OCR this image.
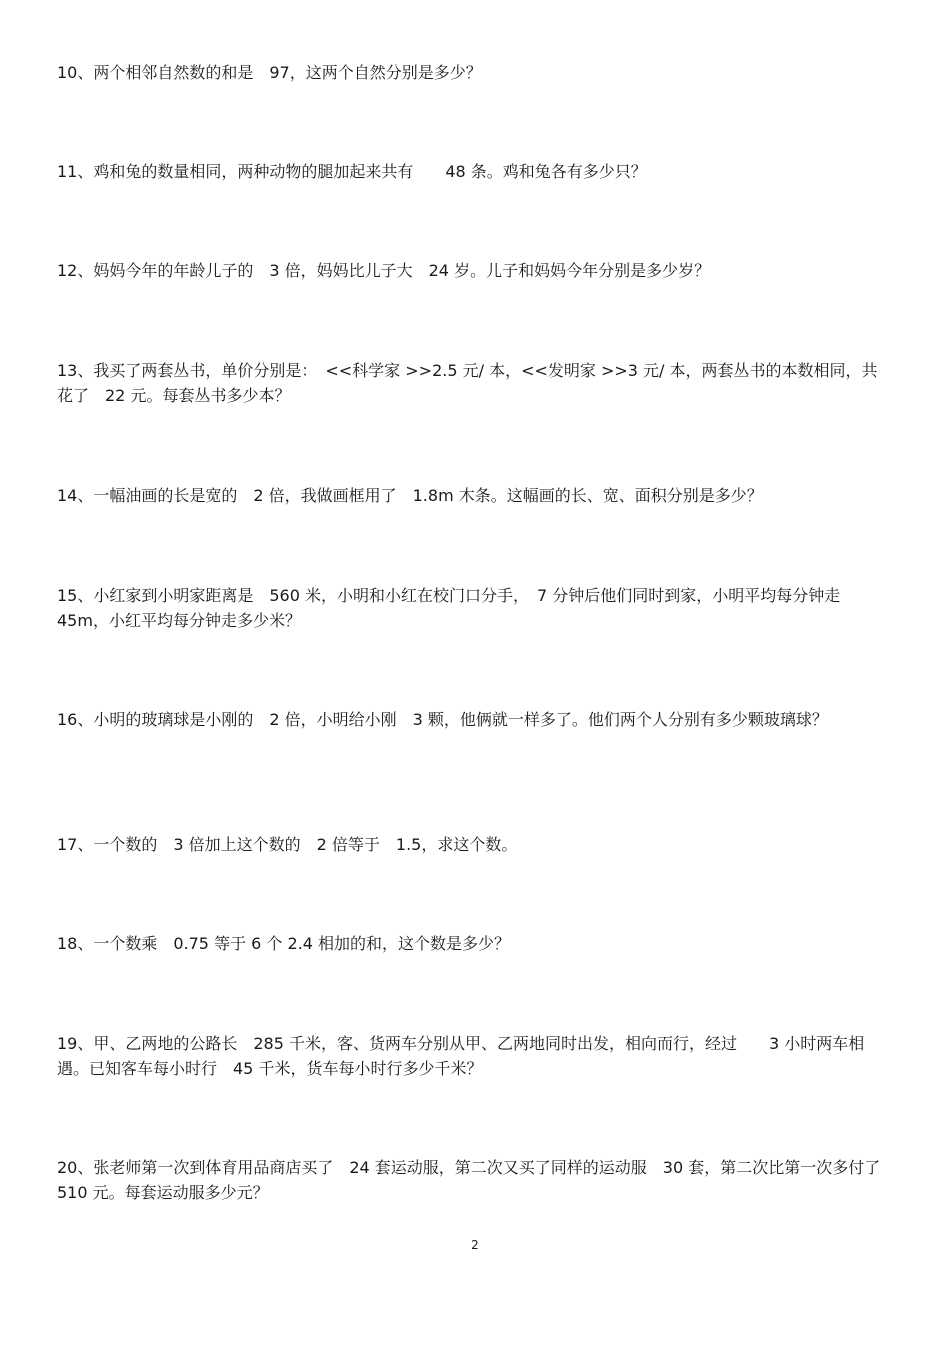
10、两个相邻自然数的和是　97，这两个自然分别是多少？

11、鸡和兔的数量相同，两种动物的腿加起来共有　　48 条。鸡和兔各有多少只？

12、妈妈今年的年龄儿子的　3 倍，妈妈比儿子大　24 岁。儿子和妈妈今年分别是多少岁？

13、我买了两套丛书，单价分别是：　<<科学家 >>2.5 元/ 本，<<发明家 >>3 元/ 本，两套丛书的本数相同，共花了　22 元。每套丛书多少本？

14、一幅油画的长是宽的　2 倍，我做画框用了　1.8m 木条。这幅画的长、宽、面积分别是多少？

15、小红家到小明家距离是　560 米，小明和小红在校门口分手，　7 分钟后他们同时到家，小明平均每分钟走 45m，小红平均每分钟走多少米？

16、小明的玻璃球是小刚的　2 倍，小明给小刚　3 颗，他俩就一样多了。他们两个人分别有多少颗玻璃球？

17、一个数的　3 倍加上这个数的　2 倍等于　1.5，求这个数。

18、一个数乘　0.75 等于 6 个 2.4 相加的和，这个数是多少？

19、甲、乙两地的公路长　285 千米，客、货两车分别从甲、乙两地同时出发，相向而行，经过　　3 小时两车相遇。已知客车每小时行　45 千米，货车每小时行多少千米？

20、张老师第一次到体育用品商店买了　24 套运动服，第二次又买了同样的运动服　30 套，第二次比第一次多付了　510 元。每套运动服多少元？

2
